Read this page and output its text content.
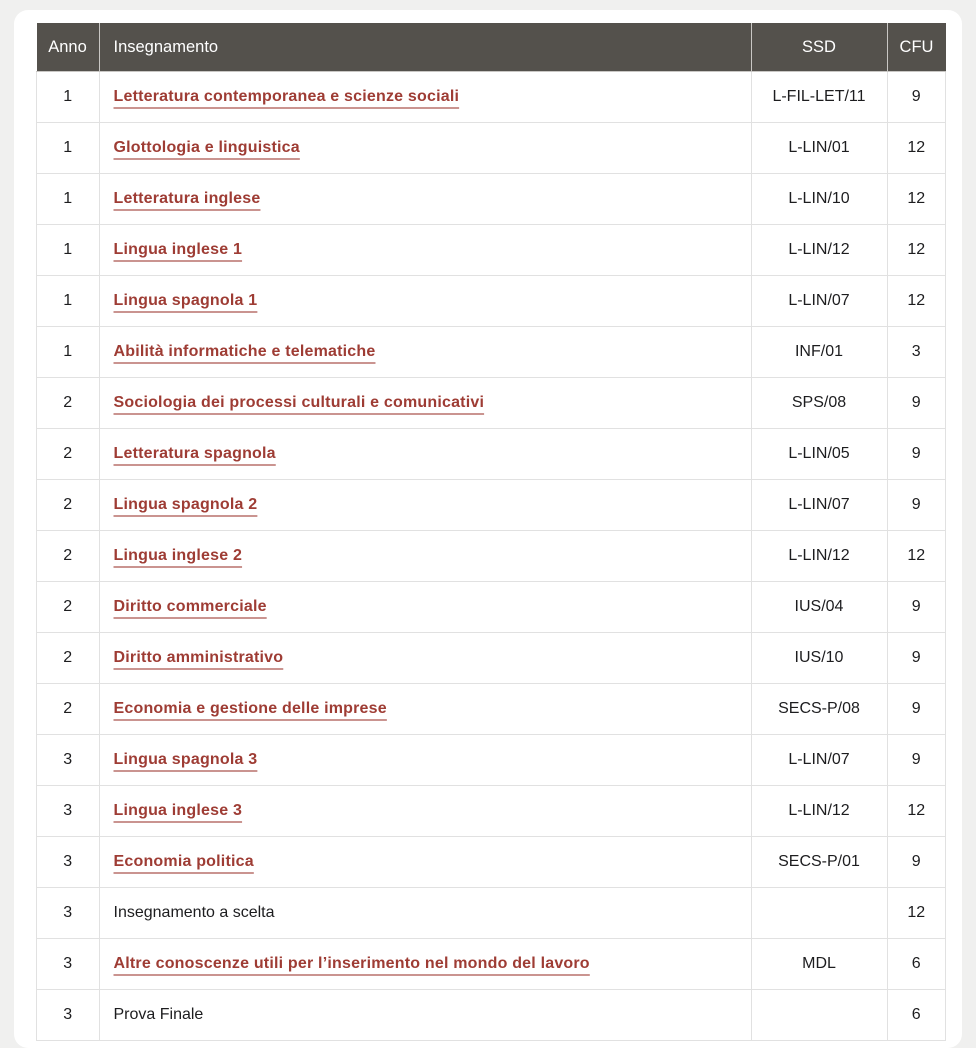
Anno	Insegnamento	SSD	CFU
1	Letteratura contemporanea e scienze sociali	L-FIL-LET/11	9
1	Glottologia e linguistica	L-LIN/01	12
1	Letteratura inglese	L-LIN/10	12
1	Lingua inglese 1	L-LIN/12	12
1	Lingua spagnola 1	L-LIN/07	12
1	Abilità informatiche e telematiche	INF/01	3
2	Sociologia dei processi culturali e comunicativi	SPS/08	9
2	Letteratura spagnola	L-LIN/05	9
2	Lingua spagnola 2	L-LIN/07	9
2	Lingua inglese 2	L-LIN/12	12
2	Diritto commerciale	IUS/04	9
2	Diritto amministrativo	IUS/10	9
2	Economia e gestione delle imprese	SECS-P/08	9
3	Lingua spagnola 3	L-LIN/07	9
3	Lingua inglese 3	L-LIN/12	12
3	Economia politica	SECS-P/01	9
3	Insegnamento a scelta		12
3	Altre conoscenze utili per l’inserimento nel mondo del lavoro	MDL	6
3	Prova Finale		6
